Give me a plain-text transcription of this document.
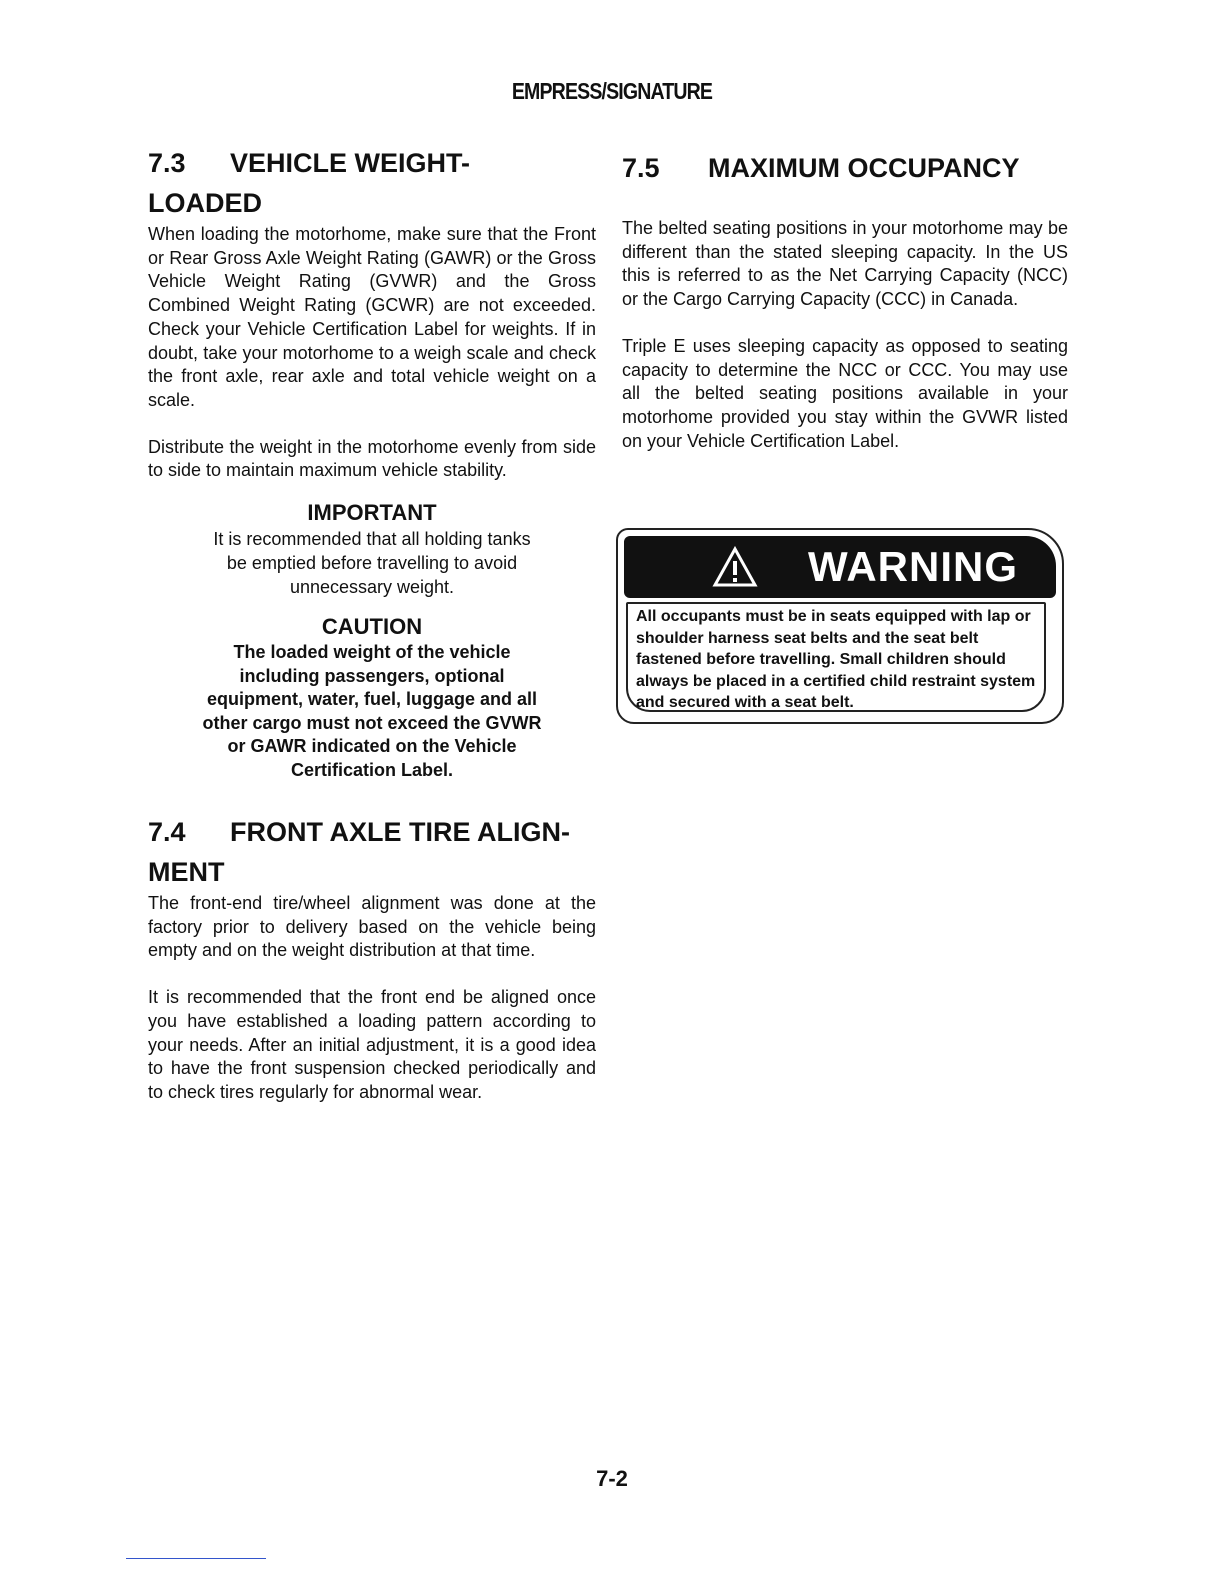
EMPRESS/SIGNATURE
7.3 VEHICLE WEIGHT-
LOADED

When loading the motorhome, make sure that the Front or Rear Gross Axle Weight Rating (GAWR) or the Gross Vehicle Weight Rating (GVWR) and the Gross Combined Weight Rating (GCWR) are not exceeded. Check your Vehicle Certification Label for weights. If in doubt, take your motorhome to a weigh scale and check the front axle, rear axle and total vehicle weight on a scale.

Distribute the weight in the motorhome evenly from side to side to maintain maximum vehicle stability.

IMPORTANT

It is recommended that all holding tanks be emptied before travelling to avoid unnecessary weight.

CAUTION

The loaded weight of the vehicle including passengers, optional equipment, water, fuel, luggage and all other cargo must not exceed the GVWR or GAWR indicated on the Vehicle Certification Label.

7.4 FRONT AXLE TIRE ALIGN-
MENT

The front-end tire/wheel alignment was done at the factory prior to delivery based on the vehicle being empty and on the weight distribution at that time.

It is recommended that the front end be aligned once you have established a loading pattern according to your needs. After an initial adjustment, it is a good idea to have the front suspension checked periodically and to check tires regularly for abnormal wear.

7.5 MAXIMUM OCCUPANCY

The belted seating positions in your motorhome may be different than the stated sleeping capacity. In the US this is referred to as the Net Carrying Capacity (NCC) or the Cargo Carrying Capacity (CCC) in Canada.

Triple E uses sleeping capacity as opposed to seating capacity to determine the NCC or CCC. You may use all the belted seating positions available in your motorhome provided you stay within the GVWR listed on your Vehicle Certification Label.

WARNING
All occupants must be in seats equipped with lap or shoulder harness seat belts and the seat belt fastened before travelling. Small children should always be placed in a certified child restraint system and secured with a seat belt.
7-2
